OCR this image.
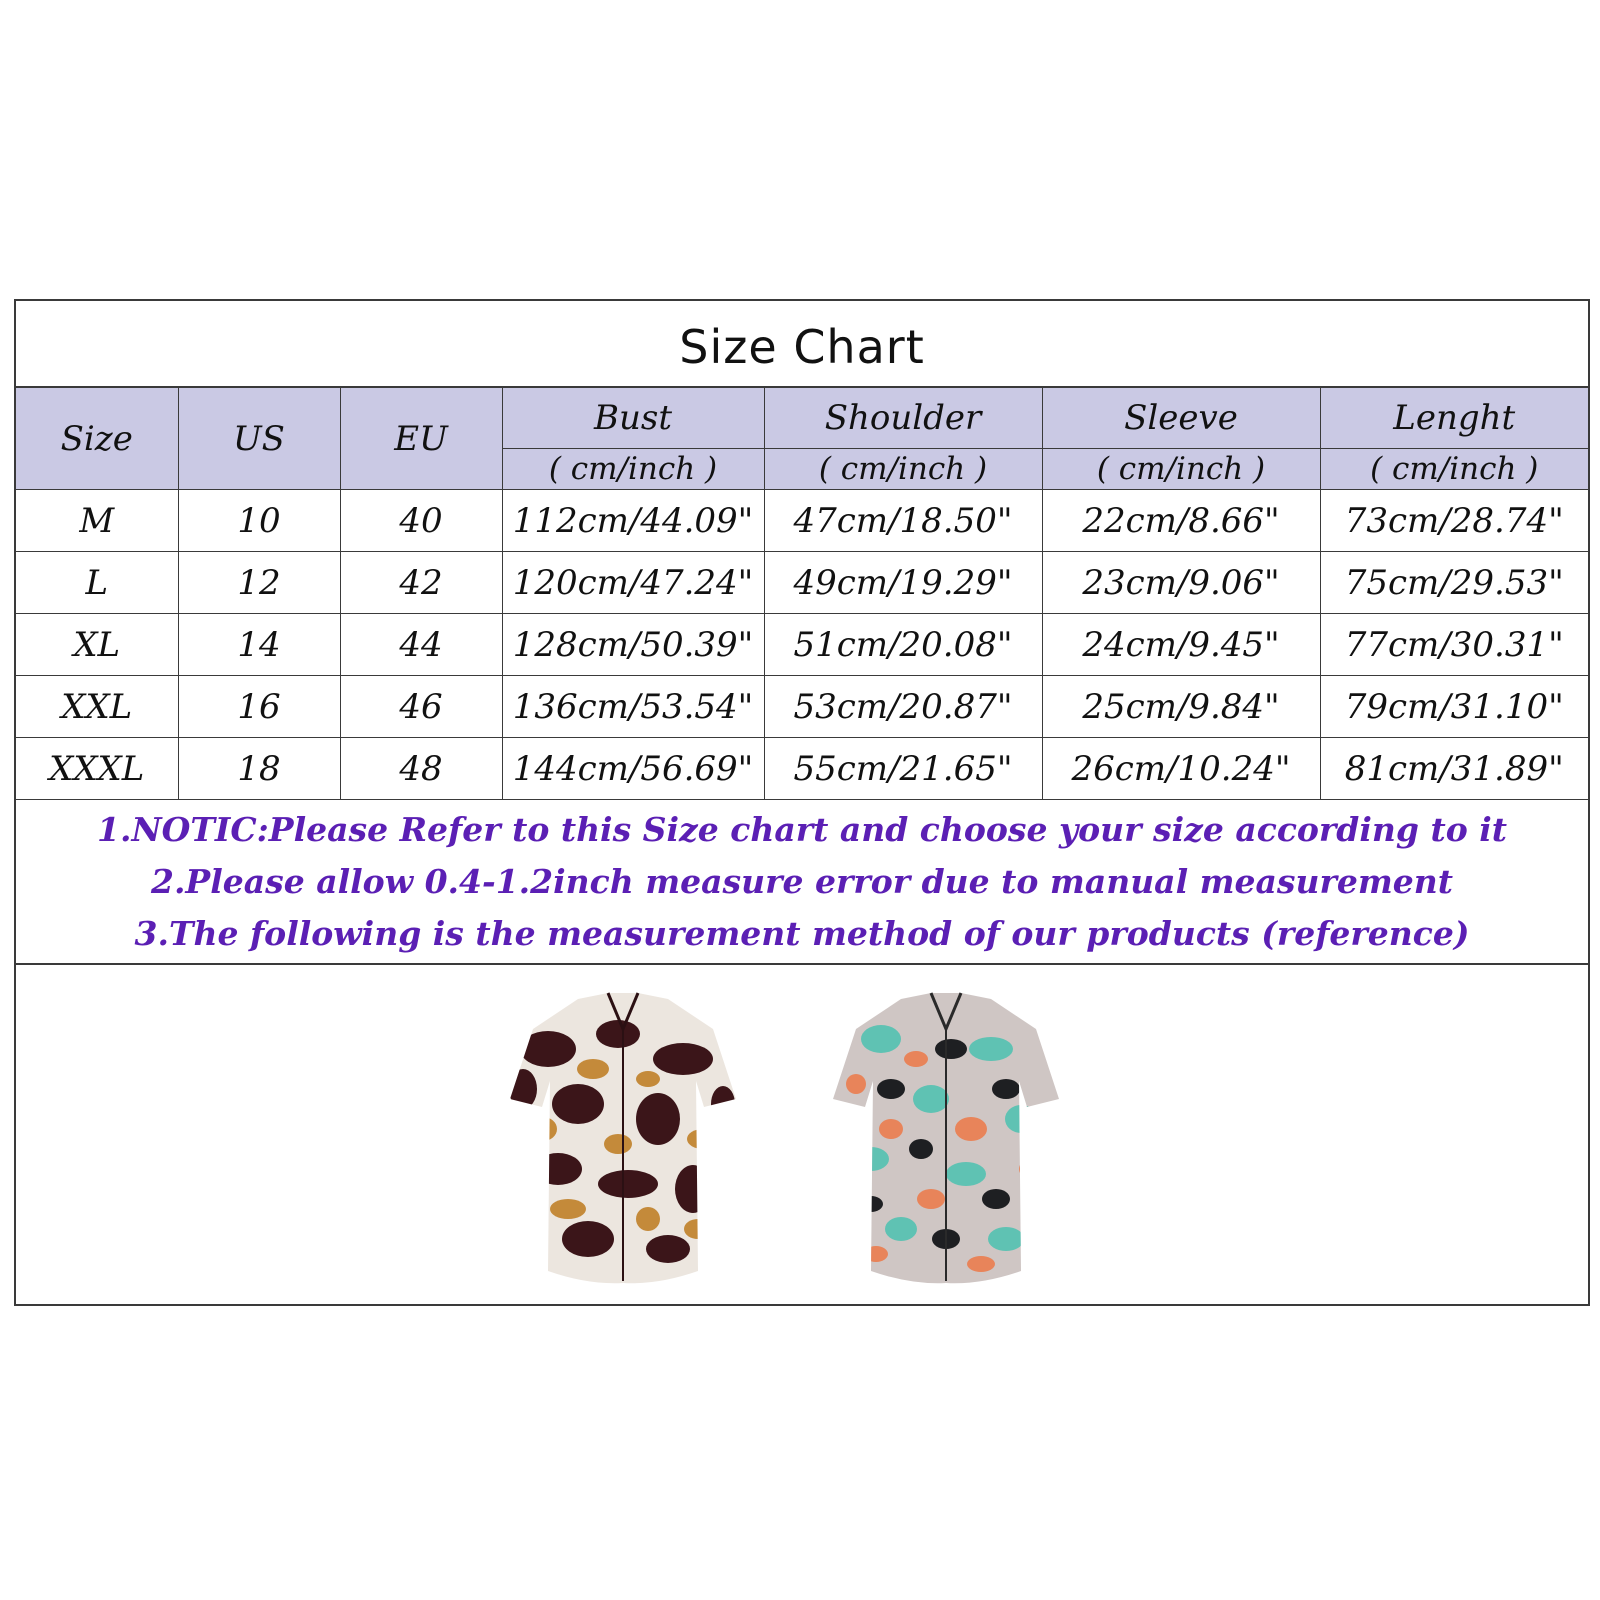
Size Chart
Size	US	EU	Bust	Shoulder	Sleeve	Lenght
			( cm/inch )	( cm/inch )	( cm/inch )	( cm/inch )
M	10	40	112cm/44.09"	47cm/18.50"	22cm/8.66"	73cm/28.74"
L	12	42	120cm/47.24"	49cm/19.29"	23cm/9.06"	75cm/29.53"
XL	14	44	128cm/50.39"	51cm/20.08"	24cm/9.45"	77cm/30.31"
XXL	16	46	136cm/53.54"	53cm/20.87"	25cm/9.84"	79cm/31.10"
XXXL	18	48	144cm/56.69"	55cm/21.65"	26cm/10.24"	81cm/31.89"
1.NOTIC:Please Refer to this Size chart and choose your size according to it
2.Please allow 0.4-1.2inch measure error due to manual measurement
3.The following is the measurement method of our products (reference)
